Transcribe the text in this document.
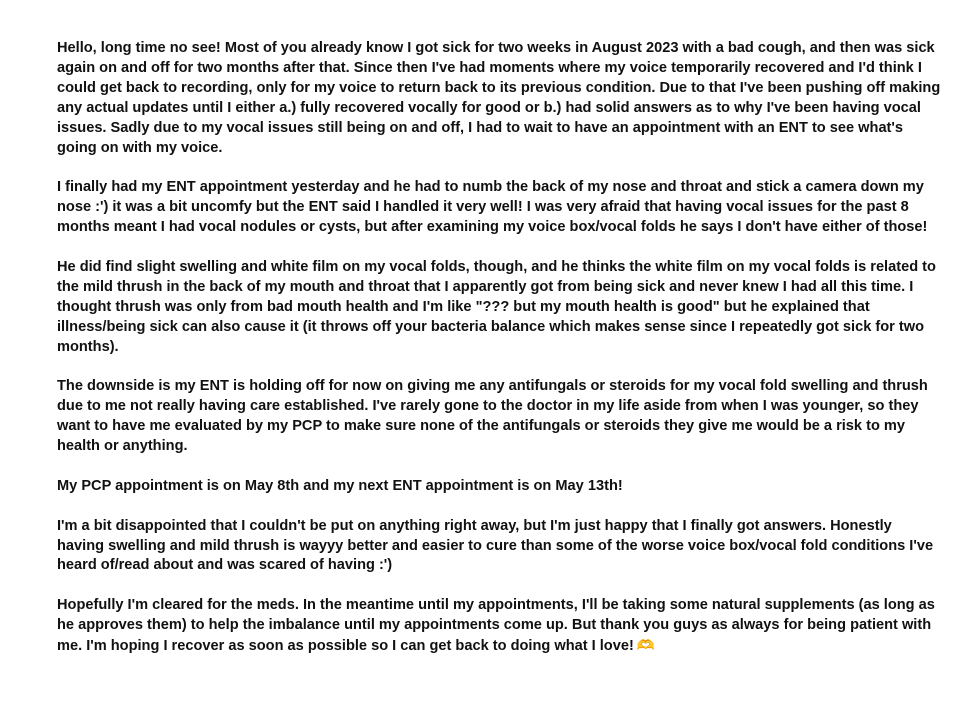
Hello, long time no see! Most of you already know I got sick for two weeks in August 2023 with a bad cough, and then was sick again on and off for two months after that. Since then I've had moments where my voice temporarily recovered and I'd think I could get back to recording, only for my voice to return back to its previous condition. Due to that I've been pushing off making any actual updates until I either a.) fully recovered vocally for good or b.) had solid answers as to why I've been having vocal issues. Sadly due to my vocal issues still being on and off, I had to wait to have an appointment with an ENT to see what's going on with my voice.

I finally had my ENT appointment yesterday and he had to numb the back of my nose and throat and stick a camera down my nose :') it was a bit uncomfy but the ENT said I handled it very well! I was very afraid that having vocal issues for the past 8 months meant I had vocal nodules or cysts, but after examining my voice box/vocal folds he says I don't have either of those!

He did find slight swelling and white film on my vocal folds, though, and he thinks the white film on my vocal folds is related to the mild thrush in the back of my mouth and throat that I apparently got from being sick and never knew I had all this time. I thought thrush was only from bad mouth health and I'm like "??? but my mouth health is good" but he explained that illness/being sick can also cause it (it throws off your bacteria balance which makes sense since I repeatedly got sick for two months).

The downside is my ENT is holding off for now on giving me any antifungals or steroids for my vocal fold swelling and thrush due to me not really having care established. I've rarely gone to the doctor in my life aside from when I was younger, so they want to have me evaluated by my PCP to make sure none of the antifungals or steroids they give me would be a risk to my health or anything.

My PCP appointment is on May 8th and my next ENT appointment is on May 13th!

I'm a bit disappointed that I couldn't be put on anything right away, but I'm just happy that I finally got answers. Honestly having swelling and mild thrush is wayyy better and easier to cure than some of the worse voice box/vocal fold conditions I've heard of/read about and was scared of having :')

Hopefully I'm cleared for the meds. In the meantime until my appointments, I'll be taking some natural supplements (as long as he approves them) to help the imbalance until my appointments come up. But thank you guys as always for being patient with me. I'm hoping I recover as soon as possible so I can get back to doing what I love! 🫶
